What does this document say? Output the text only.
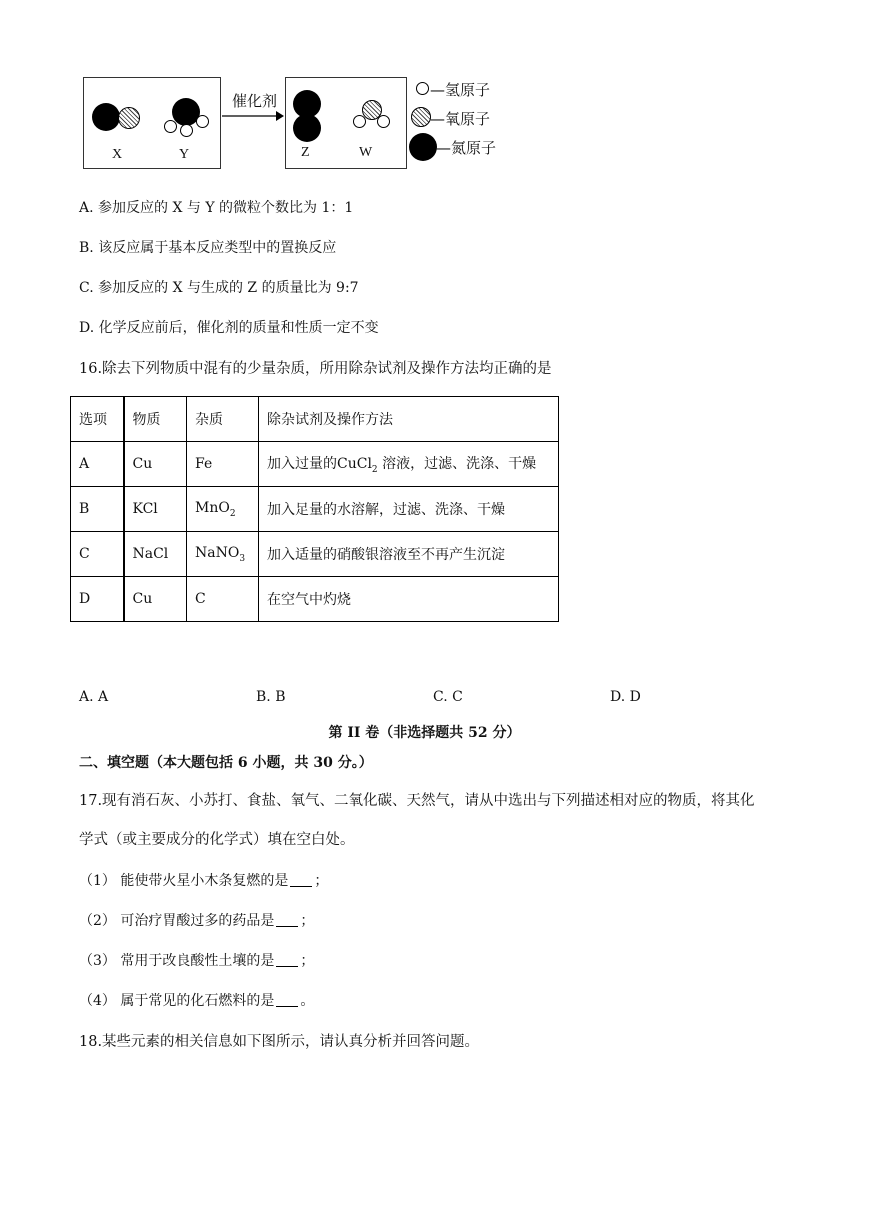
X	Y
催化剂
Z	W
—氢原子
—氧原子
—氮原子
A. 参加反应的 X 与 Y 的微粒个数比为 1：1
B. 该反应属于基本反应类型中的置换反应
C. 参加反应的 X 与生成的 Z 的质量比为 9:7
D. 化学反应前后，催化剂的质量和性质一定不变
16.除去下列物质中混有的少量杂质，所用除杂试剂及操作方法均正确的是
选项	物质	杂质	除杂试剂及操作方法
A	Cu	Fe	加入过量的CuCl$_2$ 溶液，过滤、洗涤、干燥
B	KCl	MnO$_2$	加入足量的水溶解，过滤、洗涤、干燥
C	NaCl	NaNO$_3$	加入适量的硝酸银溶液至不再产生沉淀
D	Cu	C	在空气中灼烧
A. A	B. B	C. C	D. D
第 II 卷（非选择题共 52 分）
二、填空题（本大题包括 6 小题，共 30 分。）
17.现有消石灰、小苏打、食盐、氧气、二氧化碳、天然气，请从中选出与下列描述相对应的物质，将其化
学式（或主要成分的化学式）填在空白处。
（1） 能使带火星小木条复燃的是 ；
（2） 可治疗胃酸过多的药品是 ；
（3） 常用于改良酸性土壤的是 ；
（4） 属于常见的化石燃料的是 。
18.某些元素的相关信息如下图所示，请认真分析并回答问题。
